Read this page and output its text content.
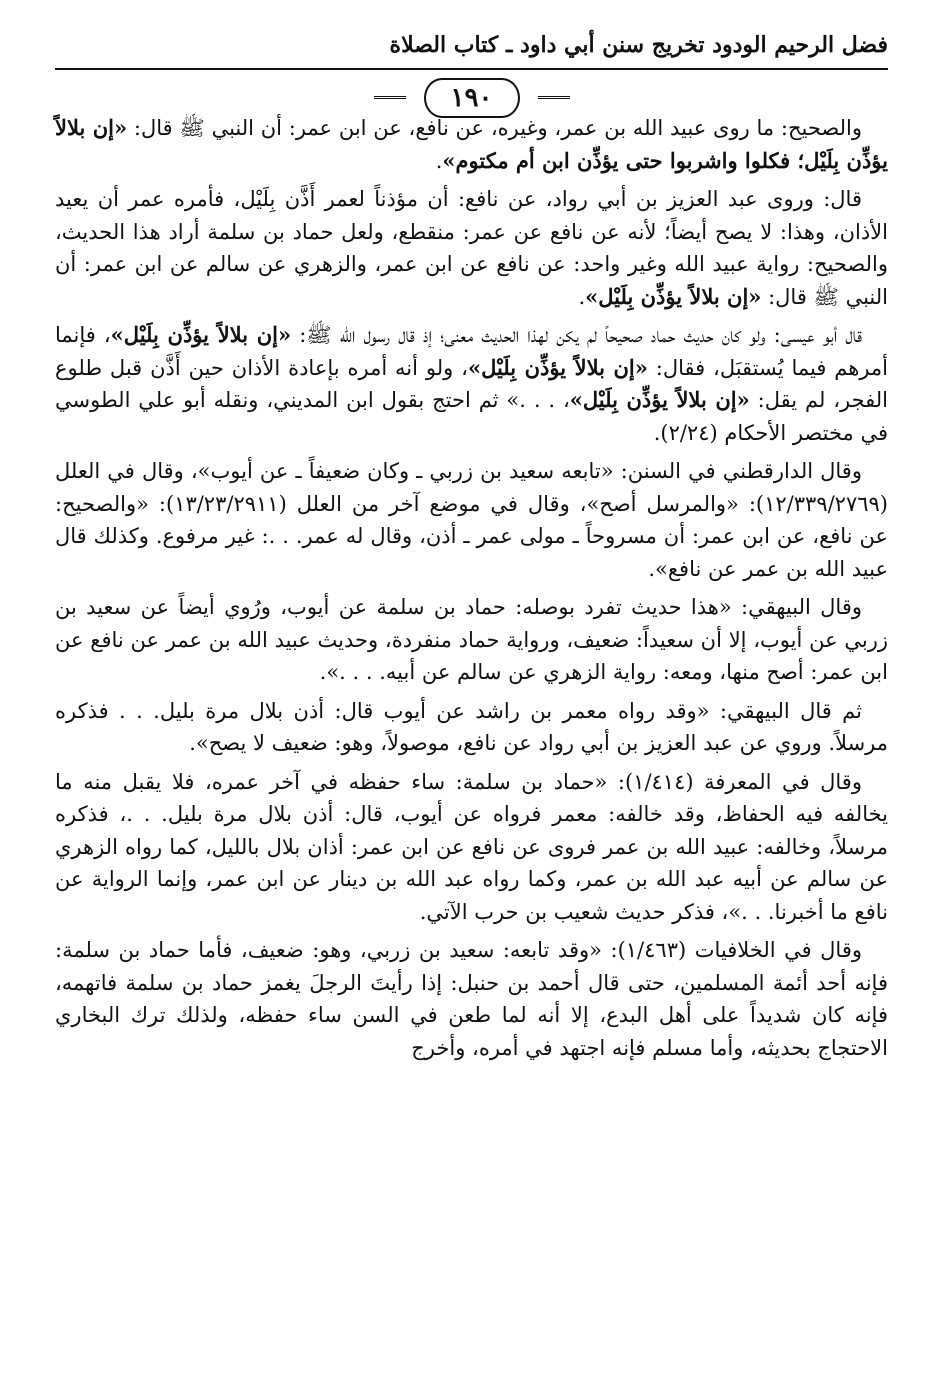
فضل الرحيم الودود تخريج سنن أبي داود ـ كتاب الصلاة
١٩٠

والصحيح: ما روى عبيد الله بن عمر، وغيره، عن نافع، عن ابن عمر: أن النبي ﷺ قال: «إن بلالاً يؤذِّن بِلَيْل؛ فكلوا واشربوا حتى يؤذِّن ابن أم مكتوم».

قال: وروى عبد العزيز بن أبي رواد، عن نافع: أن مؤذناً لعمر أَذَّن بِلَيْل، فأمره عمر أن يعيد الأذان، وهذا: لا يصح أيضاً؛ لأنه عن نافع عن عمر: منقطع، ولعل حماد بن سلمة أراد هذا الحديث، والصحيح: رواية عبيد الله وغير واحد: عن نافع عن ابن عمر، والزهري عن سالم عن ابن عمر: أن النبي ﷺ قال: «إن بلالاً يؤذِّن بِلَيْل».

قال أبو عيسى: ولو كان حديث حماد صحيحاً لم يكن لهذا الحديث معنى؛ إذ قال رسول الله ﷺ: «إن بلالاً يؤذِّن بِلَيْل»، فإنما أمرهم فيما يُستقبَل، فقال: «إن بلالاً يؤذِّن بِلَيْل»، ولو أنه أمره بإعادة الأذان حين أَذَّن قبل طلوع الفجر، لم يقل: «إن بلالاً يؤذِّن بِلَيْل»، . . .» ثم احتج بقول ابن المديني، ونقله أبو علي الطوسي في مختصر الأحكام (٢/٢٤).

وقال الدارقطني في السنن: «تابعه سعيد بن زربي ـ وكان ضعيفاً ـ عن أيوب»، وقال في العلل (١٢/٣٣٩/٢٧٦٩): «والمرسل أصح»، وقال في موضع آخر من العلل (١٣/٢٣/٢٩١١): «والصحيح: عن نافع، عن ابن عمر: أن مسروحاً ـ مولى عمر ـ أذن، وقال له عمر. . .: غير مرفوع. وكذلك قال عبيد الله بن عمر عن نافع».

وقال البيهقي: «هذا حديث تفرد بوصله: حماد بن سلمة عن أيوب، ورُوي أيضاً عن سعيد بن زربي عن أيوب، إلا أن سعيداً: ضعيف، ورواية حماد منفردة، وحديث عبيد الله بن عمر عن نافع عن ابن عمر: أصح منها، ومعه: رواية الزهري عن سالم عن أبيه. . . .».

ثم قال البيهقي: «وقد رواه معمر بن راشد عن أيوب قال: أذن بلال مرة بليل. . . فذكره مرسلاً. وروي عن عبد العزيز بن أبي رواد عن نافع، موصولاً، وهو: ضعيف لا يصح».

وقال في المعرفة (١/٤١٤): «حماد بن سلمة: ساء حفظه في آخر عمره، فلا يقبل منه ما يخالفه فيه الحفاظ، وقد خالفه: معمر فرواه عن أيوب، قال: أذن بلال مرة بليل. . .، فذكره مرسلاً، وخالفه: عبيد الله بن عمر فروى عن نافع عن ابن عمر: أذان بلال بالليل، كما رواه الزهري عن سالم عن أبيه عبد الله بن عمر، وكما رواه عبد الله بن دينار عن ابن عمر، وإنما الرواية عن نافع ما أخبرنا. . .»، فذكر حديث شعيب بن حرب الآتي.

وقال في الخلافيات (١/٤٦٣): «وقد تابعه: سعيد بن زربي، وهو: ضعيف، فأما حماد بن سلمة: فإنه أحد أئمة المسلمين، حتى قال أحمد بن حنبل: إذا رأيتَ الرجلَ يغمز حماد بن سلمة فاتهمه، فإنه كان شديداً على أهل البدع، إلا أنه لما طعن في السن ساء حفظه، ولذلك ترك البخاري الاحتجاج بحديثه، وأما مسلم فإنه اجتهد في أمره، وأخرج
